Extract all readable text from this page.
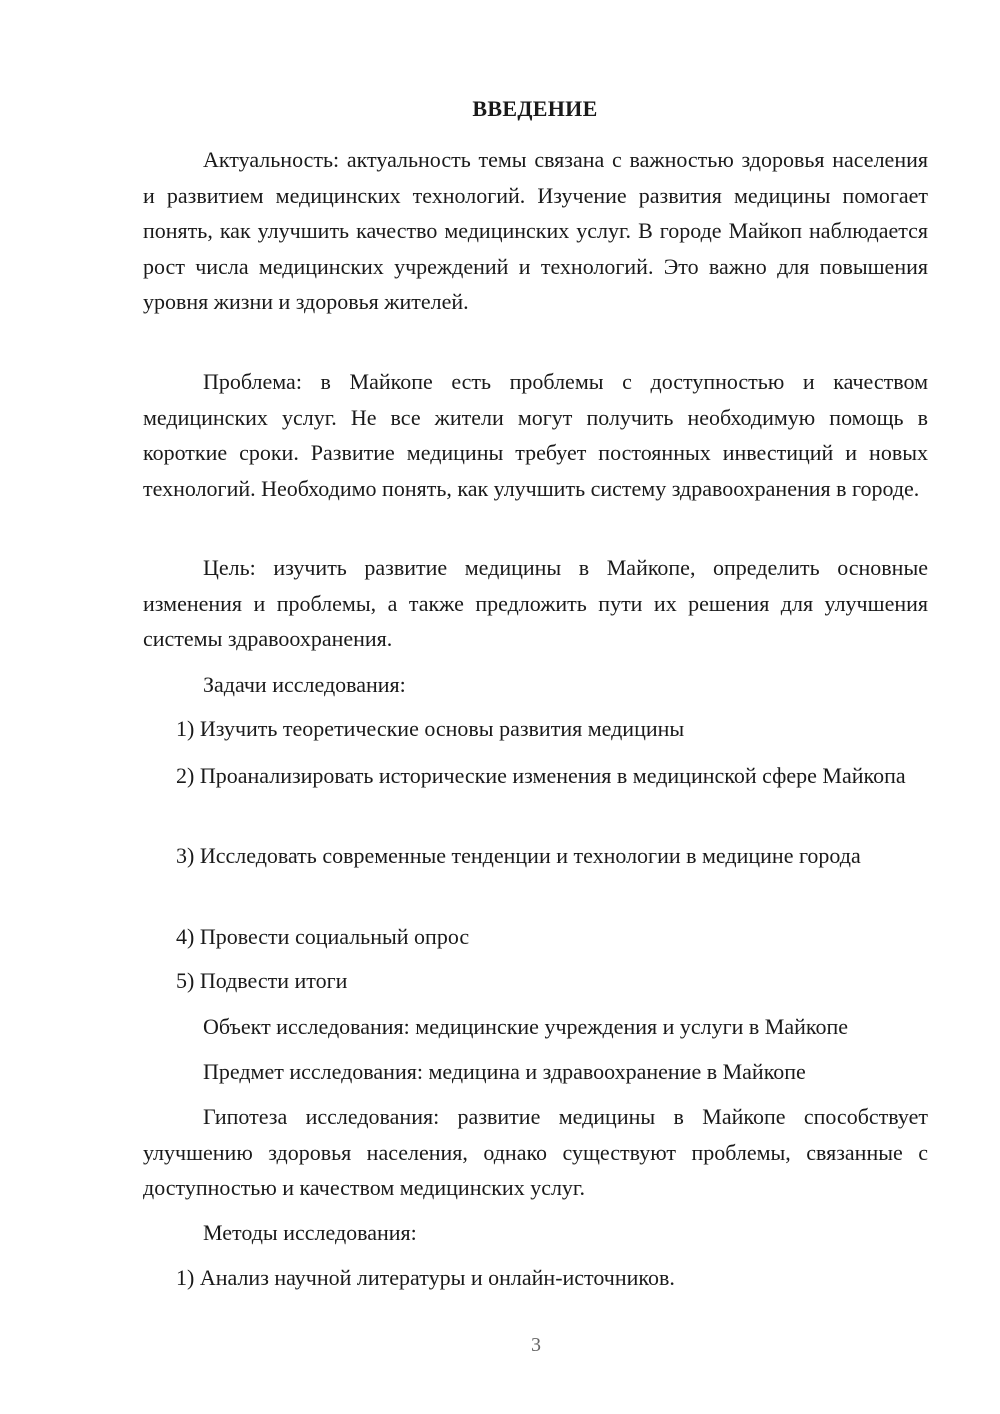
ВВЕДЕНИЕ
Актуальность: актуальность темы связана с важностью здоровья населения и развитием медицинских технологий. Изучение развития медицины помогает понять, как улучшить качество медицинских услуг. В городе Майкоп наблюдается рост числа медицинских учреждений и технологий. Это важно для повышения уровня жизни и здоровья жителей.
Проблема: в Майкопе есть проблемы с доступностью и качеством медицинских услуг. Не все жители могут получить необходимую помощь в короткие сроки. Развитие медицины требует постоянных инвестиций и новых технологий. Необходимо понять, как улучшить систему здравоохранения в городе.
Цель: изучить развитие медицины в Майкопе, определить основные изменения и проблемы, а также предложить пути их решения для улучшения системы здравоохранения.
Задачи исследования:
1) Изучить теоретические основы развития медицины
2) Проанализировать исторические изменения в медицинской сфере Майкопа
3) Исследовать современные тенденции и технологии в медицине города
4) Провести социальный опрос
5) Подвести итоги
Объект исследования: медицинские учреждения и услуги в Майкопе
Предмет исследования: медицина и здравоохранение в Майкопе
Гипотеза исследования: развитие медицины в Майкопе способствует улучшению здоровья населения, однако существуют проблемы, связанные с доступностью и качеством медицинских услуг.
Методы исследования:
1) Анализ научной литературы и онлайн-источников.
3
